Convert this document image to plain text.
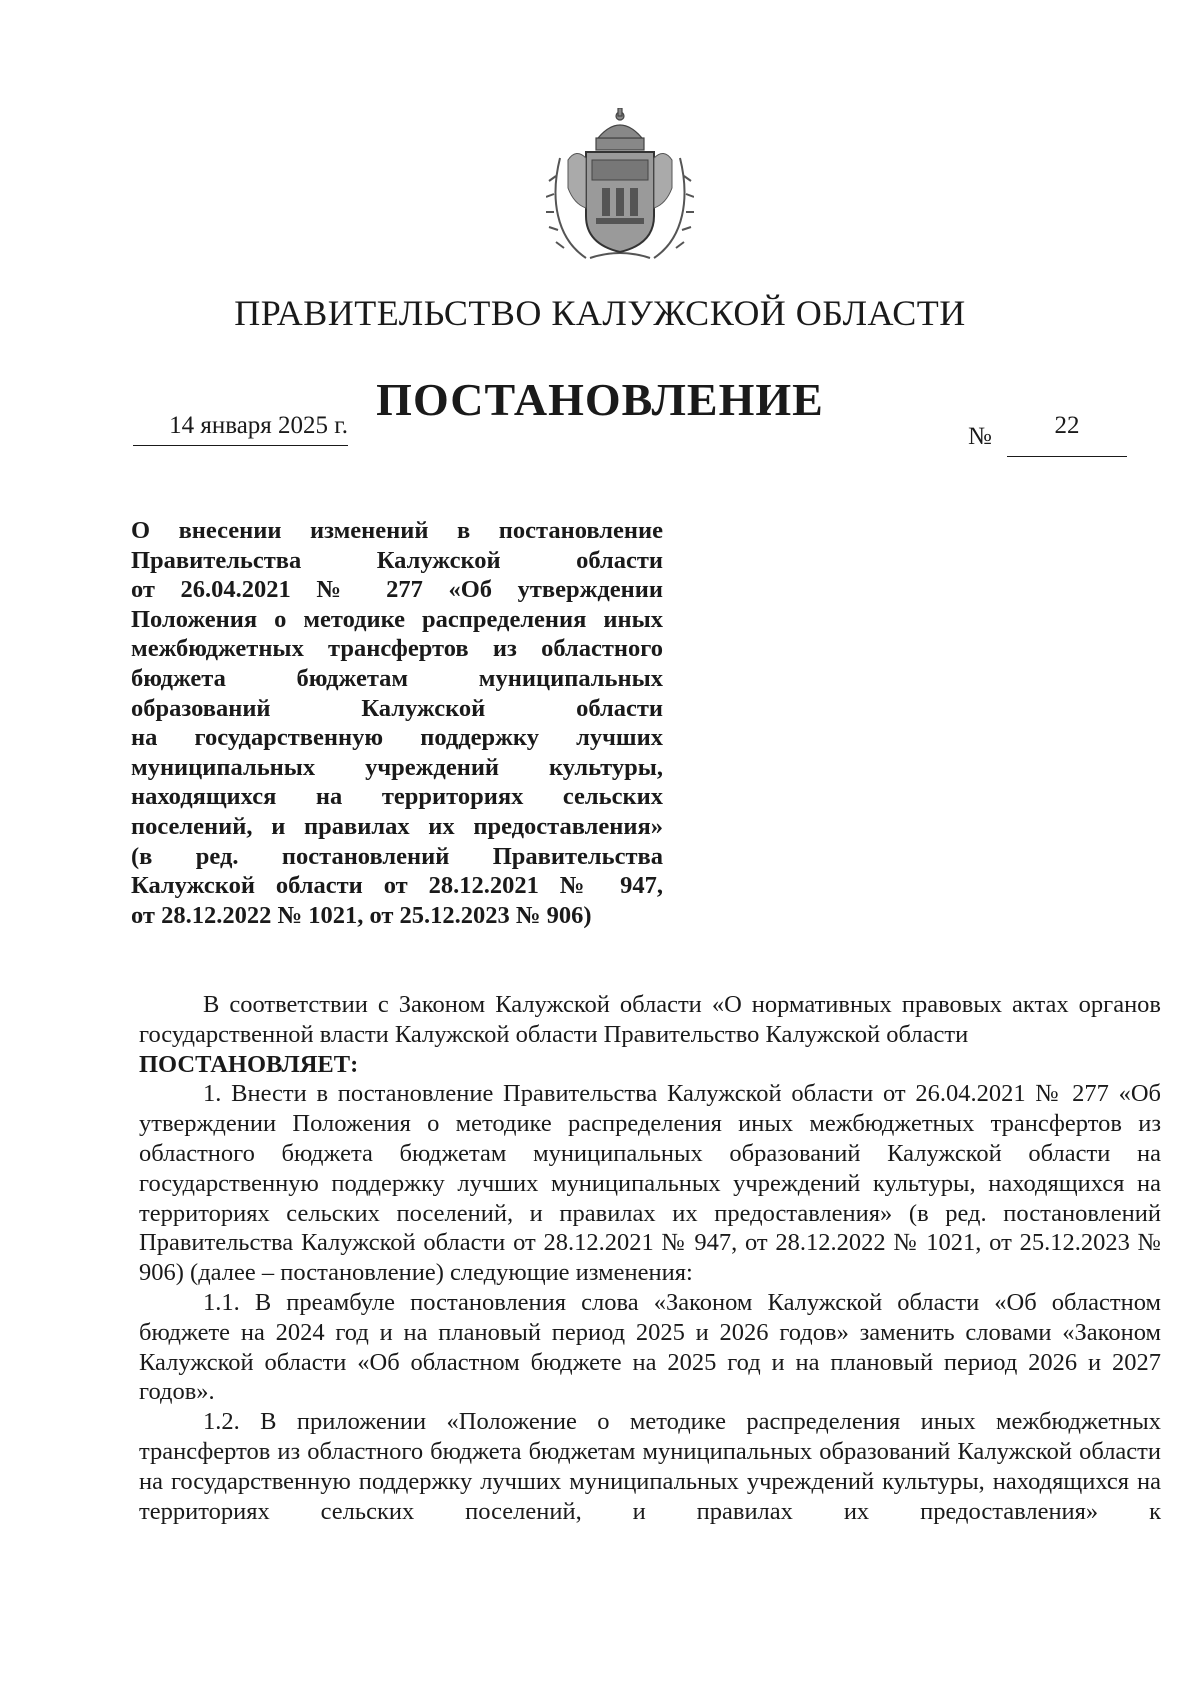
ПРАВИТЕЛЬСТВО КАЛУЖСКОЙ ОБЛАСТИ
ПОСТАНОВЛЕНИЕ
14 января 2025 г.	№	22
О внесении изменений в постановление
Правительства Калужской области
от 26.04.2021 № 277 «Об утверждении
Положения о методике распределения иных
межбюджетных трансфертов из областного
бюджета бюджетам муниципальных
образований Калужской области
на государственную поддержку лучших
муниципальных учреждений культуры,
находящихся на территориях сельских
поселений, и правилах их предоставления»
(в ред. постановлений Правительства
Калужской области от 28.12.2021 № 947,
от 28.12.2022 № 1021, от 25.12.2023 № 906)

В соответствии с Законом Калужской области «О нормативных правовых актах органов государственной власти Калужской области Правительство Калужской области
ПОСТАНОВЛЯЕТ:

1. Внести в постановление Правительства Калужской области от 26.04.2021 № 277 «Об утверждении Положения о методике распределения иных межбюджетных трансфертов из областного бюджета бюджетам муниципальных образований Калужской области на государственную поддержку лучших муниципальных учреждений культуры, находящихся на территориях сельских поселений, и правилах их предоставления» (в ред. постановлений Правительства Калужской области от 28.12.2021 № 947, от 28.12.2022 № 1021, от 25.12.2023 № 906) (далее – постановление) следующие изменения:

1.1. В преамбуле постановления слова «Законом Калужской области «Об областном бюджете на 2024 год и на плановый период 2025 и 2026 годов» заменить словами «Законом Калужской области «Об областном бюджете на 2025 год и на плановый период 2026 и 2027 годов».

1.2. В приложении «Положение о методике распределения иных межбюджетных трансфертов из областного бюджета бюджетам муниципальных образований Калужской области на государственную поддержку лучших муниципальных учреждений культуры, находящихся на территориях сельских поселений, и правилах их предоставления» к
